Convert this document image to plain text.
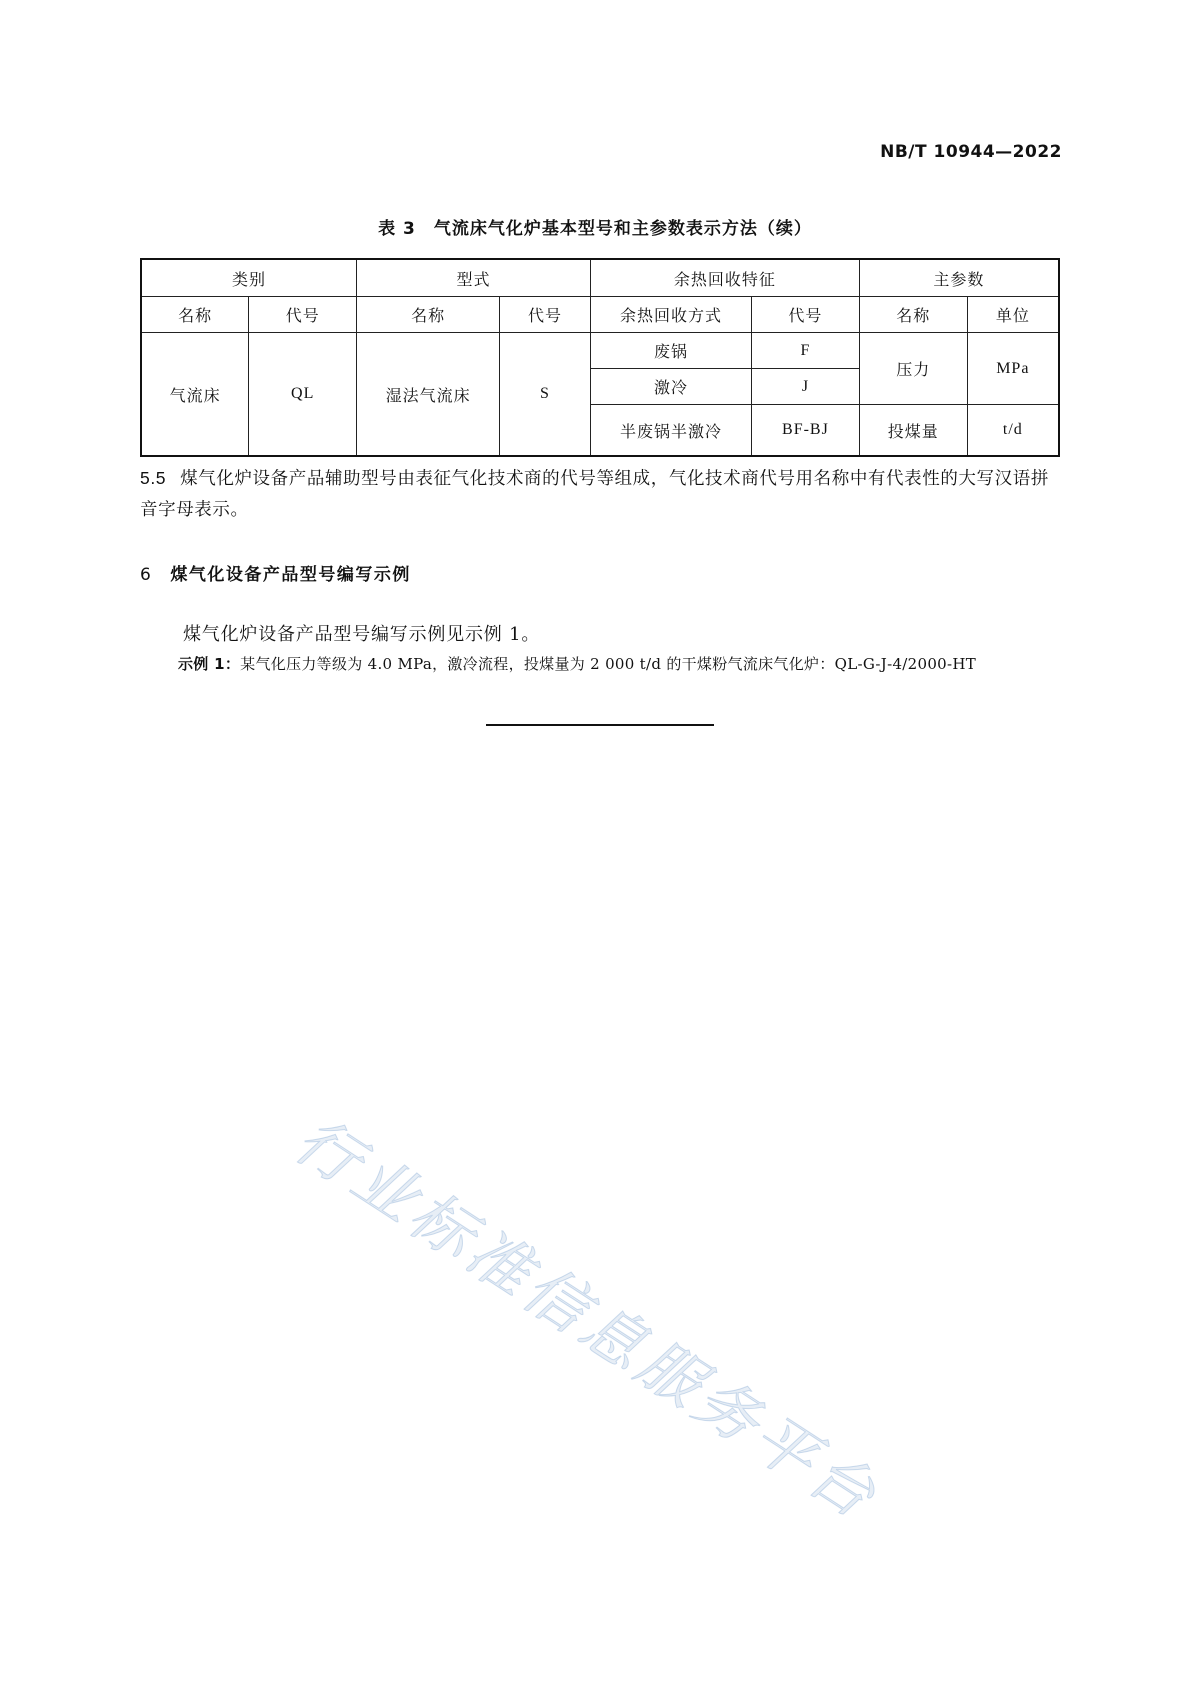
NB/T 10944—2022
表 3　气流床气化炉基本型号和主参数表示方法（续）
类别		型式		余热回收特征		主参数	
名称	代号	名称	代号	余热回收方式	代号	名称	单位
气流床	QL	湿法气流床	S	废锅	F	压力	MPa
				激冷	J		
				半废锅半激冷	BF-BJ	投煤量	t/d
5.5 煤气化炉设备产品辅助型号由表征气化技术商的代号等组成，气化技术商代号用名称中有代表性的大写汉语拼音字母表示。
6 煤气化设备产品型号编写示例
煤气化炉设备产品型号编写示例见示例 1。
示例 1：某气化压力等级为 4.0 MPa，激冷流程，投煤量为 2 000 t/d 的干煤粉气流床气化炉：QL-G-J-4/2000-HT
行业标准信息服务平台
